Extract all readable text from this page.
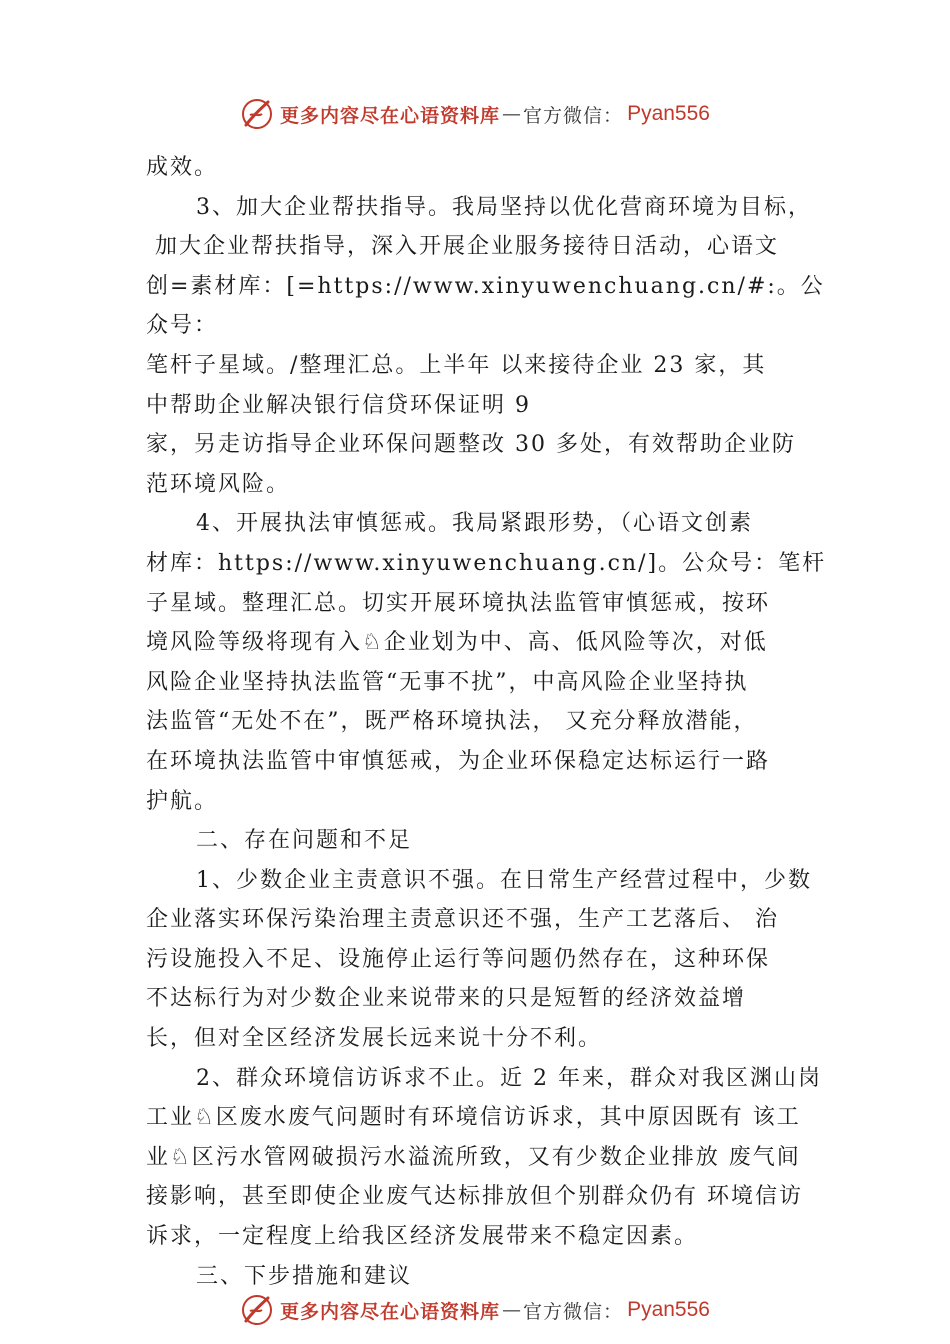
更多内容尽在心语资料库 — 官方微信： Pyan556

成效。

3、加大企业帮扶指导。我局坚持以优化营商环境为目标，

加大企业帮扶指导，深入开展企业服务接待日活动，心语文

创=素材库：[=https://www.xinyuwenchuang.cn/#:。公众号：

笔杆子星域。/整理汇总。上半年 以来接待企业 23 家，其

中帮助企业解决银行信贷环保证明 9

家，另走访指导企业环保问题整改 30 多处，有效帮助企业防

范环境风险。

4、开展执法审慎惩戒。我局紧跟形势，（心语文创素

材库：https://www.xinyuwenchuang.cn/]。公众号：笔杆

子星域。整理汇总。切实开展环境执法监管审慎惩戒，按环

境风险等级将现有入♘企业划为中、高、低风险等次，对低

风险企业坚持执法监管“无事不扰”，中高风险企业坚持执

法监管“无处不在”，既严格环境执法， 又充分释放潜能，

在环境执法监管中审慎惩戒，为企业环保稳定达标运行一路

护航。

二、存在问题和不足

1、少数企业主责意识不强。在日常生产经营过程中，少数

企业落实环保污染治理主责意识还不强，生产工艺落后、 治

污设施投入不足、设施停止运行等问题仍然存在，这种环保

不达标行为对少数企业来说带来的只是短暂的经济效益增

长，但对全区经济发展长远来说十分不利。

2、群众环境信访诉求不止。近 2 年来，群众对我区渊山岗

工业♘区废水废气问题时有环境信访诉求，其中原因既有 该工

业♘区污水管网破损污水溢流所致，又有少数企业排放 废气间

接影响，甚至即使企业废气达标排放但个别群众仍有 环境信访

诉求，一定程度上给我区经济发展带来不稳定因素。

三、下步措施和建议

更多内容尽在心语资料库 — 官方微信： Pyan556
